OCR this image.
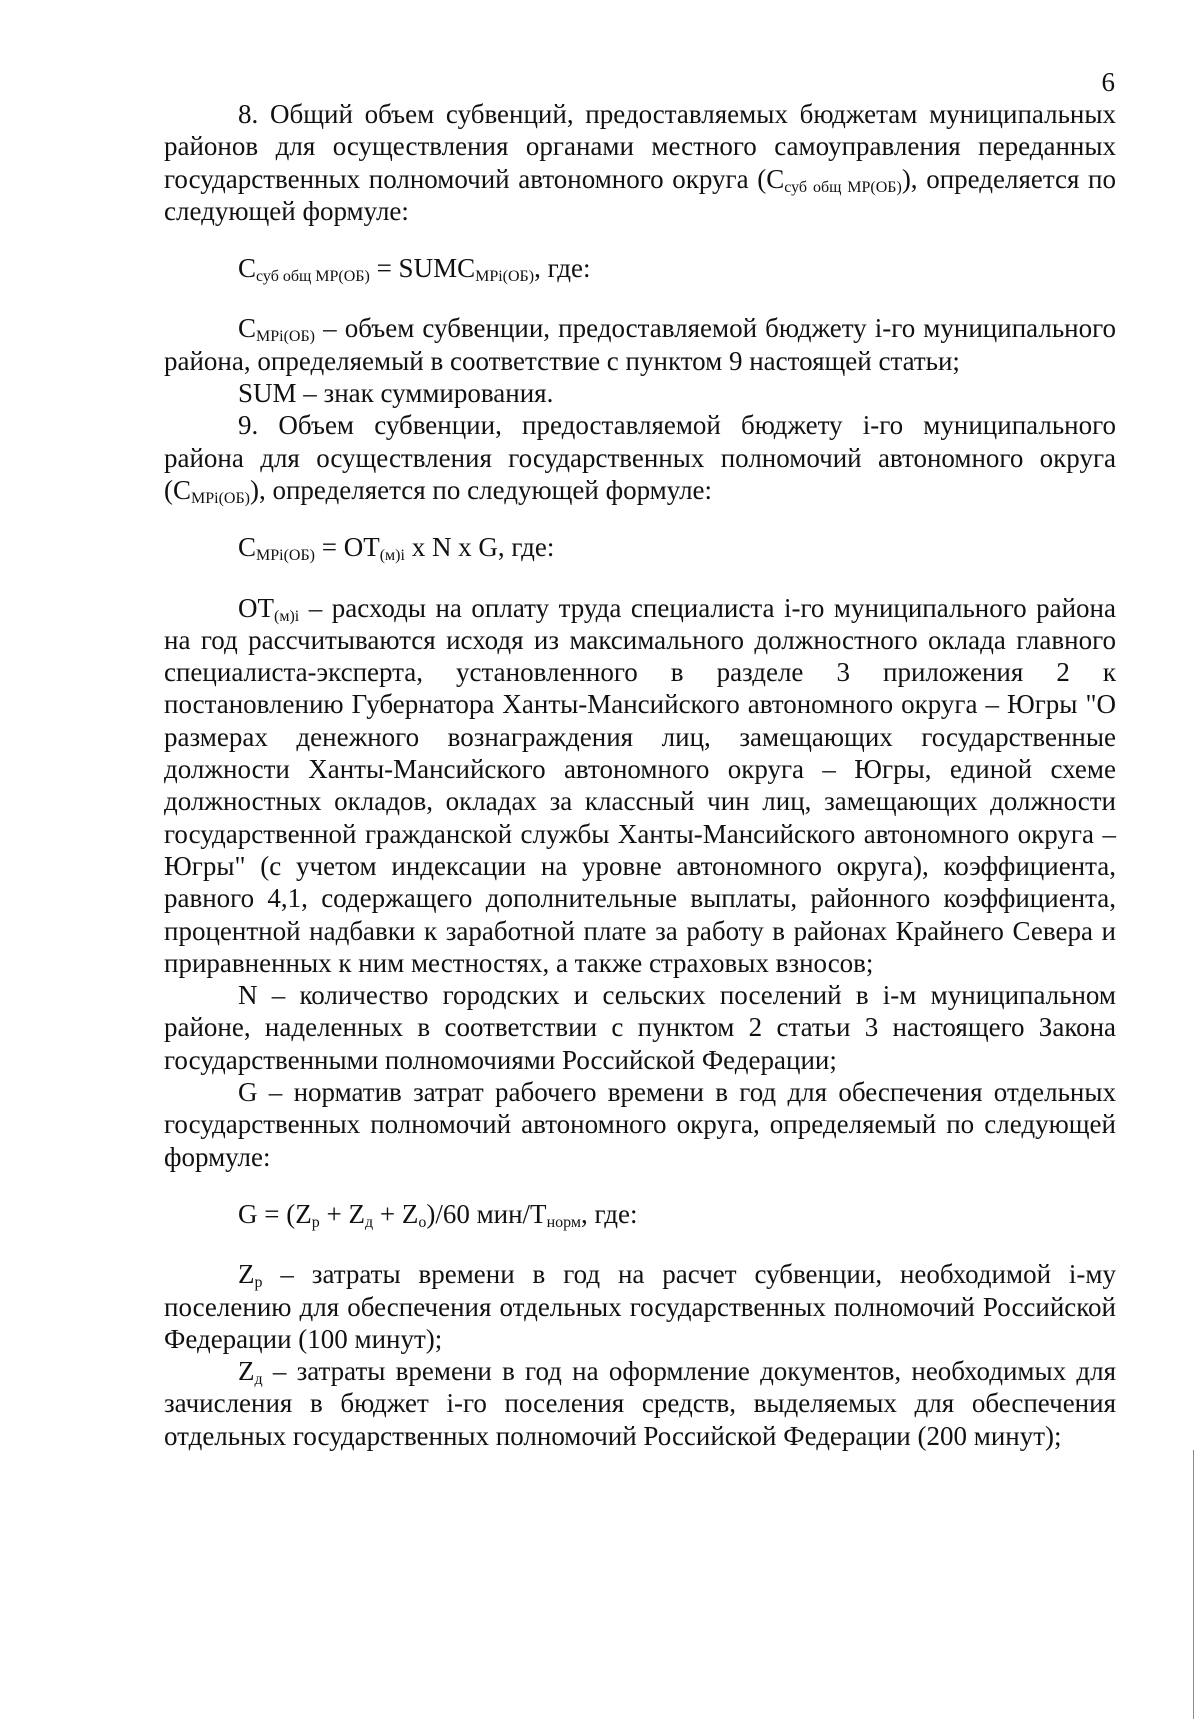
6

8. Общий объем субвенций, предоставляемых бюджетам муниципальных районов для осуществления органами местного самоуправления переданных государственных полномочий автономного округа $(С_{суб общ МР(ОБ)})$, определяется по следующей формуле:

$С_{суб общ МР(ОБ)}$ = $SUMС_{МРi(ОБ)}$, где:

$С_{МРi(ОБ)}$ – объем субвенции, предоставляемой бюджету i-го муниципального района, определяемый в соответствие с пунктом 9 настоящей статьи;

SUM – знак суммирования.

9. Объем субвенции, предоставляемой бюджету i-го муниципального района для осуществления государственных полномочий автономного округа $(С_{МРi(ОБ)})$, определяется по следующей формуле:

$С_{МРi(ОБ)} = ОТ_{(м)i}$ х N х G, где:

$ОТ_{(м)i}$ – расходы на оплату труда специалиста i-го муниципального района на год рассчитываются исходя из максимального должностного оклада главного специалиста-эксперта, установленного в разделе 3 приложения 2 к постановлению Губернатора Ханты-Мансийского автономного округа – Югры "О размерах денежного вознаграждения лиц, замещающих государственные должности Ханты-Мансийского автономного округа – Югры, единой схеме должностных окладов, окладах за классный чин лиц, замещающих должности государственной гражданской службы Ханты-Мансийского автономного округа – Югры" (с учетом индексации на уровне автономного округа), коэффициента, равного 4,1, содержащего дополнительные выплаты, районного коэффициента, процентной надбавки к заработной плате за работу в районах Крайнего Севера и приравненных к ним местностях, а также страховых взносов;

N – количество городских и сельских поселений в i-м муниципальном районе, наделенных в соответствии с пунктом 2 статьи 3 настоящего Закона государственными полномочиями Российской Федерации;

G – норматив затрат рабочего времени в год для обеспечения отдельных государственных полномочий автономного округа, определяемый по следующей формуле:

$G = (Z_р + Z_д + Z_о)/60$ мин/$Т_{норм}$, где:

$Z_р$ – затраты времени в год на расчет субвенции, необходимой i-му поселению для обеспечения отдельных государственных полномочий Российской Федерации (100 минут);

$Z_д$ – затраты времени в год на оформление документов, необходимых для зачисления в бюджет i-го поселения средств, выделяемых для обеспечения отдельных государственных полномочий Российской Федерации (200 минут);
